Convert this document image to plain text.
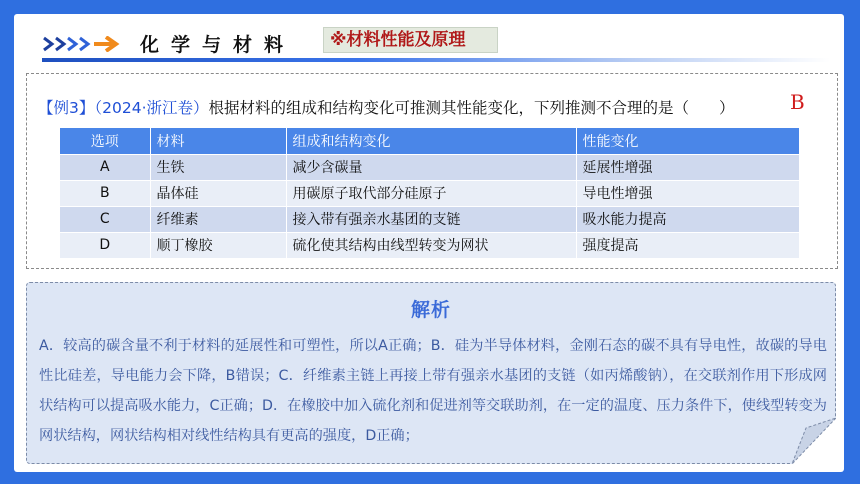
化学与材料	※材料性能及原理
【例3】（2024·浙江卷）根据材料的组成和结构变化可推测其性能变化，下列推测不合理的是（ ）	B
选项	材料	组成和结构变化	性能变化
A	生铁	减少含碳量	延展性增强
B	晶体硅	用碳原子取代部分硅原子	导电性增强
C	纤维素	接入带有强亲水基团的支链	吸水能力提高
D	顺丁橡胶	硫化使其结构由线型转变为网状	强度提高
解析
A．较高的碳含量不利于材料的延展性和可塑性，所以A正确；B．硅为半导体材料，金刚石态的碳不具有导电性，故碳的导电性比硅差，导电能力会下降，B错误；C．纤维素主链上再接上带有强亲水基团的支链（如丙烯酸钠），在交联剂作用下形成网状结构可以提高吸水能力，C正确；D．在橡胶中加入硫化剂和促进剂等交联助剂，在一定的温度、压力条件下，使线型转变为网状结构，网状结构相对线性结构具有更高的强度，D正确；
